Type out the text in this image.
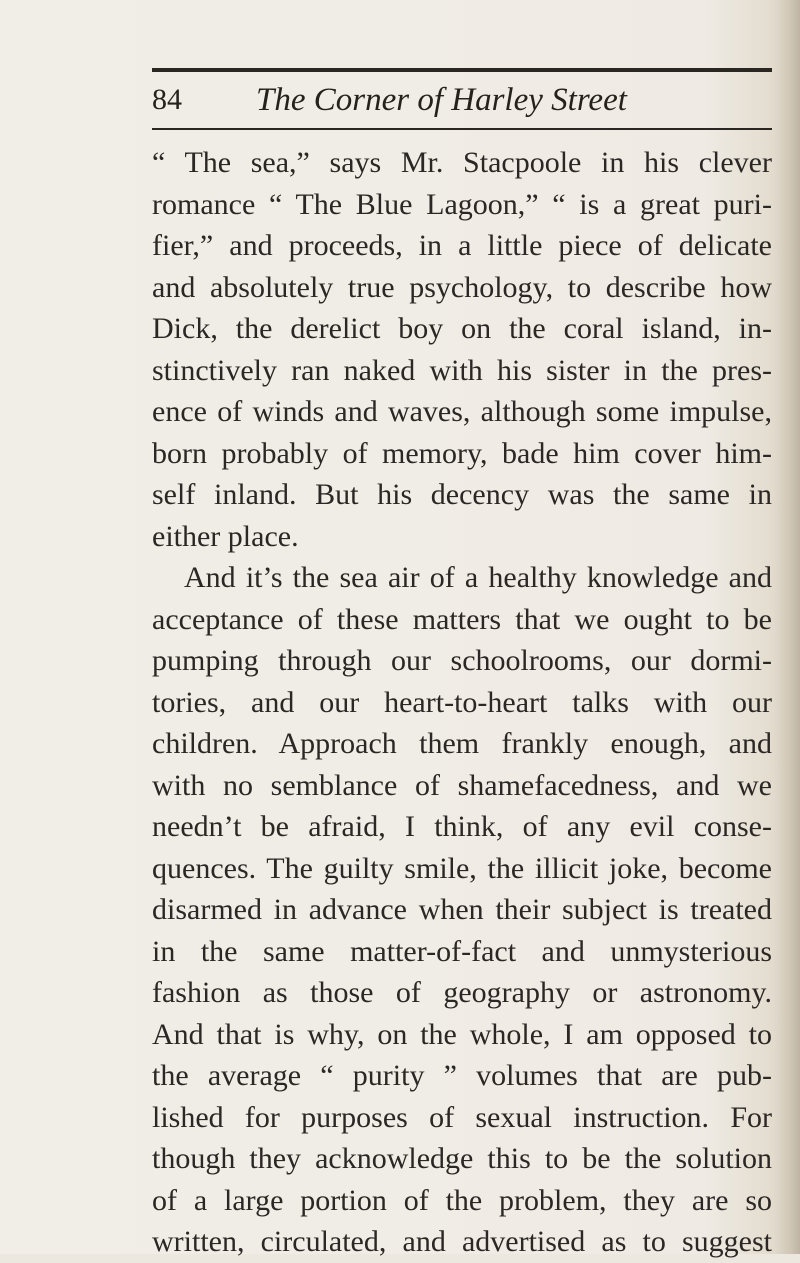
84 The Corner of Harley Street
“ The sea,” says Mr. Stacpoole in his clever
romance “ The Blue Lagoon,” “ is a great puri-
fier,” and proceeds, in a little piece of delicate
and absolutely true psychology, to describe how
Dick, the derelict boy on the coral island, in-
stinctively ran naked with his sister in the pres-
ence of winds and waves, although some impulse,
born probably of memory, bade him cover him-
self inland. But his decency was the same in
either place.
And it’s the sea air of a healthy knowledge and
acceptance of these matters that we ought to be
pumping through our schoolrooms, our dormi-
tories, and our heart-to-heart talks with our
children. Approach them frankly enough, and
with no semblance of shamefacedness, and we
needn’t be afraid, I think, of any evil conse-
quences. The guilty smile, the illicit joke, become
disarmed in advance when their subject is treated
in the same matter-of-fact and unmysterious
fashion as those of geography or astronomy.
And that is why, on the whole, I am opposed to
the average “ purity ” volumes that are pub-
lished for purposes of sexual instruction. For
though they acknowledge this to be the solution
of a large portion of the problem, they are so
written, circulated, and advertised as to suggest
